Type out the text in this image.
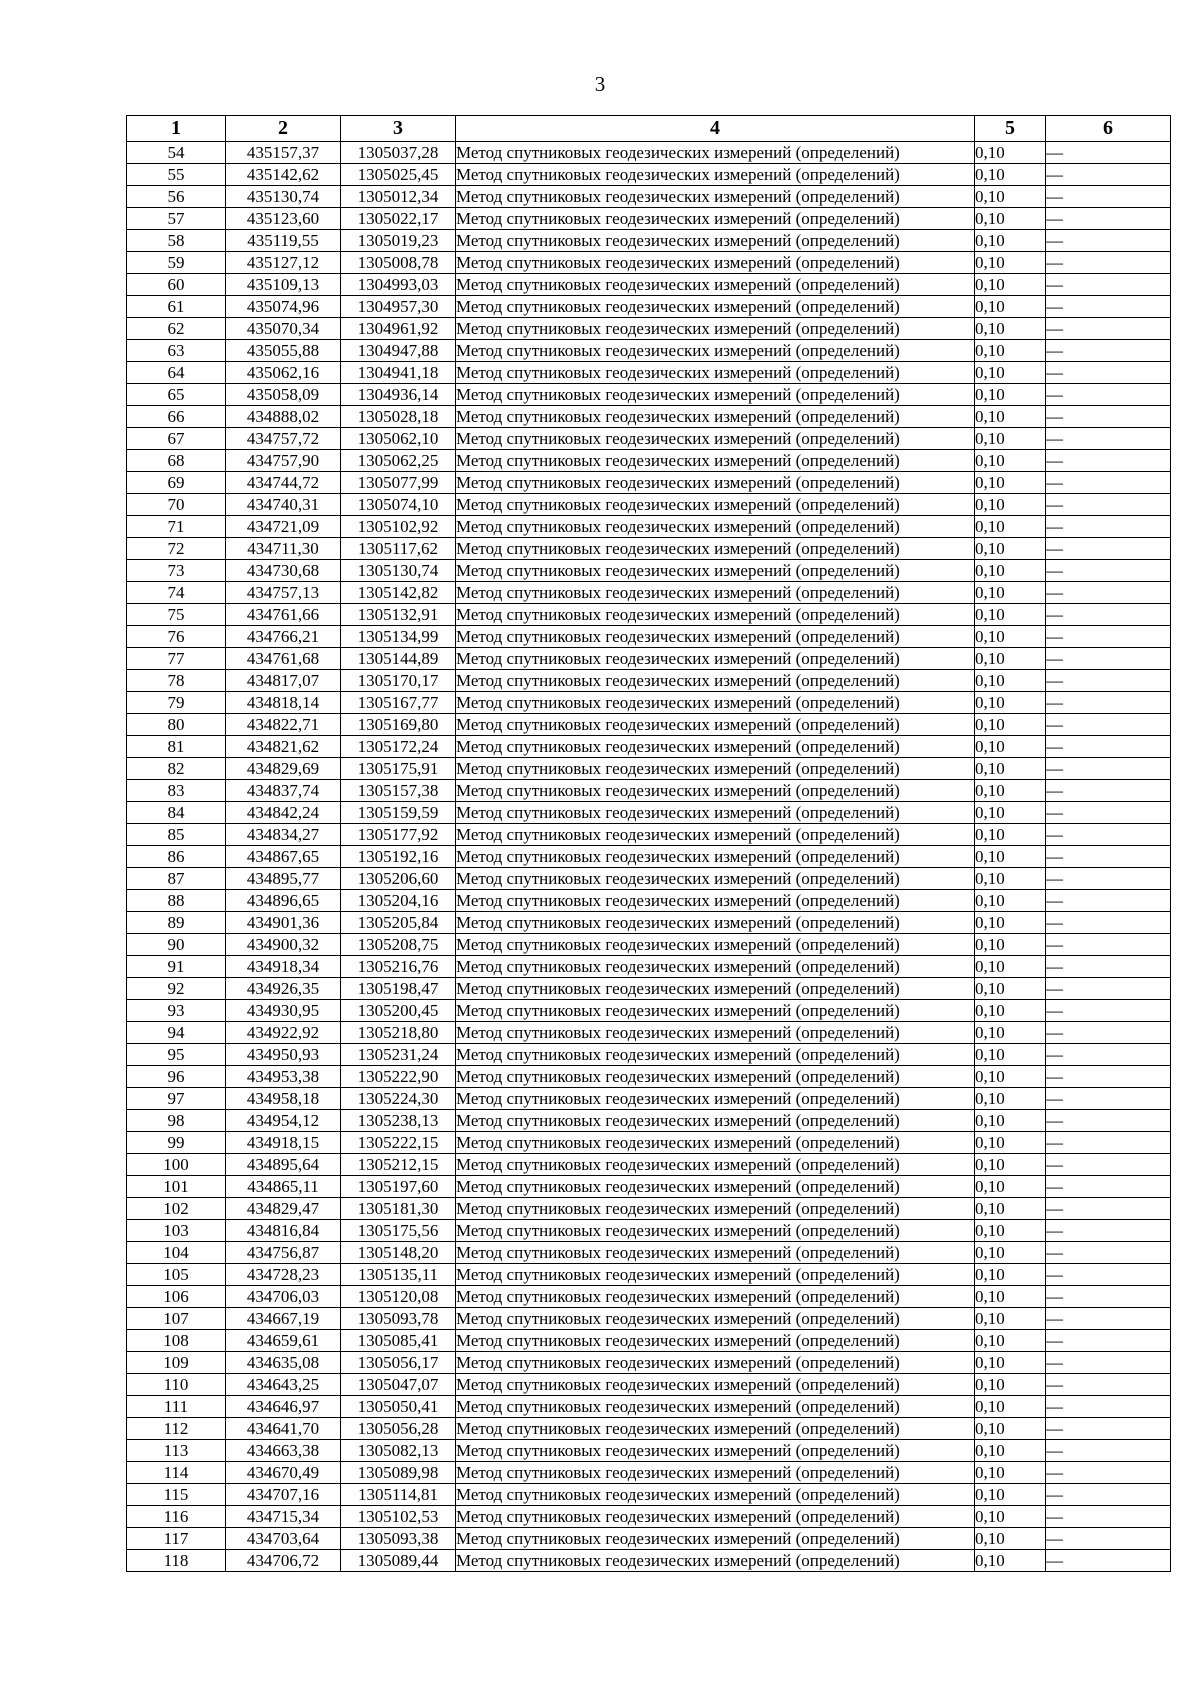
3
1	2	3	4	5	6
54	435157,37	1305037,28	Метод спутниковых геодезических измерений (определений)	0,10	—
55	435142,62	1305025,45	Метод спутниковых геодезических измерений (определений)	0,10	—
56	435130,74	1305012,34	Метод спутниковых геодезических измерений (определений)	0,10	—
57	435123,60	1305022,17	Метод спутниковых геодезических измерений (определений)	0,10	—
58	435119,55	1305019,23	Метод спутниковых геодезических измерений (определений)	0,10	—
59	435127,12	1305008,78	Метод спутниковых геодезических измерений (определений)	0,10	—
60	435109,13	1304993,03	Метод спутниковых геодезических измерений (определений)	0,10	—
61	435074,96	1304957,30	Метод спутниковых геодезических измерений (определений)	0,10	—
62	435070,34	1304961,92	Метод спутниковых геодезических измерений (определений)	0,10	—
63	435055,88	1304947,88	Метод спутниковых геодезических измерений (определений)	0,10	—
64	435062,16	1304941,18	Метод спутниковых геодезических измерений (определений)	0,10	—
65	435058,09	1304936,14	Метод спутниковых геодезических измерений (определений)	0,10	—
66	434888,02	1305028,18	Метод спутниковых геодезических измерений (определений)	0,10	—
67	434757,72	1305062,10	Метод спутниковых геодезических измерений (определений)	0,10	—
68	434757,90	1305062,25	Метод спутниковых геодезических измерений (определений)	0,10	—
69	434744,72	1305077,99	Метод спутниковых геодезических измерений (определений)	0,10	—
70	434740,31	1305074,10	Метод спутниковых геодезических измерений (определений)	0,10	—
71	434721,09	1305102,92	Метод спутниковых геодезических измерений (определений)	0,10	—
72	434711,30	1305117,62	Метод спутниковых геодезических измерений (определений)	0,10	—
73	434730,68	1305130,74	Метод спутниковых геодезических измерений (определений)	0,10	—
74	434757,13	1305142,82	Метод спутниковых геодезических измерений (определений)	0,10	—
75	434761,66	1305132,91	Метод спутниковых геодезических измерений (определений)	0,10	—
76	434766,21	1305134,99	Метод спутниковых геодезических измерений (определений)	0,10	—
77	434761,68	1305144,89	Метод спутниковых геодезических измерений (определений)	0,10	—
78	434817,07	1305170,17	Метод спутниковых геодезических измерений (определений)	0,10	—
79	434818,14	1305167,77	Метод спутниковых геодезических измерений (определений)	0,10	—
80	434822,71	1305169,80	Метод спутниковых геодезических измерений (определений)	0,10	—
81	434821,62	1305172,24	Метод спутниковых геодезических измерений (определений)	0,10	—
82	434829,69	1305175,91	Метод спутниковых геодезических измерений (определений)	0,10	—
83	434837,74	1305157,38	Метод спутниковых геодезических измерений (определений)	0,10	—
84	434842,24	1305159,59	Метод спутниковых геодезических измерений (определений)	0,10	—
85	434834,27	1305177,92	Метод спутниковых геодезических измерений (определений)	0,10	—
86	434867,65	1305192,16	Метод спутниковых геодезических измерений (определений)	0,10	—
87	434895,77	1305206,60	Метод спутниковых геодезических измерений (определений)	0,10	—
88	434896,65	1305204,16	Метод спутниковых геодезических измерений (определений)	0,10	—
89	434901,36	1305205,84	Метод спутниковых геодезических измерений (определений)	0,10	—
90	434900,32	1305208,75	Метод спутниковых геодезических измерений (определений)	0,10	—
91	434918,34	1305216,76	Метод спутниковых геодезических измерений (определений)	0,10	—
92	434926,35	1305198,47	Метод спутниковых геодезических измерений (определений)	0,10	—
93	434930,95	1305200,45	Метод спутниковых геодезических измерений (определений)	0,10	—
94	434922,92	1305218,80	Метод спутниковых геодезических измерений (определений)	0,10	—
95	434950,93	1305231,24	Метод спутниковых геодезических измерений (определений)	0,10	—
96	434953,38	1305222,90	Метод спутниковых геодезических измерений (определений)	0,10	—
97	434958,18	1305224,30	Метод спутниковых геодезических измерений (определений)	0,10	—
98	434954,12	1305238,13	Метод спутниковых геодезических измерений (определений)	0,10	—
99	434918,15	1305222,15	Метод спутниковых геодезических измерений (определений)	0,10	—
100	434895,64	1305212,15	Метод спутниковых геодезических измерений (определений)	0,10	—
101	434865,11	1305197,60	Метод спутниковых геодезических измерений (определений)	0,10	—
102	434829,47	1305181,30	Метод спутниковых геодезических измерений (определений)	0,10	—
103	434816,84	1305175,56	Метод спутниковых геодезических измерений (определений)	0,10	—
104	434756,87	1305148,20	Метод спутниковых геодезических измерений (определений)	0,10	—
105	434728,23	1305135,11	Метод спутниковых геодезических измерений (определений)	0,10	—
106	434706,03	1305120,08	Метод спутниковых геодезических измерений (определений)	0,10	—
107	434667,19	1305093,78	Метод спутниковых геодезических измерений (определений)	0,10	—
108	434659,61	1305085,41	Метод спутниковых геодезических измерений (определений)	0,10	—
109	434635,08	1305056,17	Метод спутниковых геодезических измерений (определений)	0,10	—
110	434643,25	1305047,07	Метод спутниковых геодезических измерений (определений)	0,10	—
111	434646,97	1305050,41	Метод спутниковых геодезических измерений (определений)	0,10	—
112	434641,70	1305056,28	Метод спутниковых геодезических измерений (определений)	0,10	—
113	434663,38	1305082,13	Метод спутниковых геодезических измерений (определений)	0,10	—
114	434670,49	1305089,98	Метод спутниковых геодезических измерений (определений)	0,10	—
115	434707,16	1305114,81	Метод спутниковых геодезических измерений (определений)	0,10	—
116	434715,34	1305102,53	Метод спутниковых геодезических измерений (определений)	0,10	—
117	434703,64	1305093,38	Метод спутниковых геодезических измерений (определений)	0,10	—
118	434706,72	1305089,44	Метод спутниковых геодезических измерений (определений)	0,10	—
